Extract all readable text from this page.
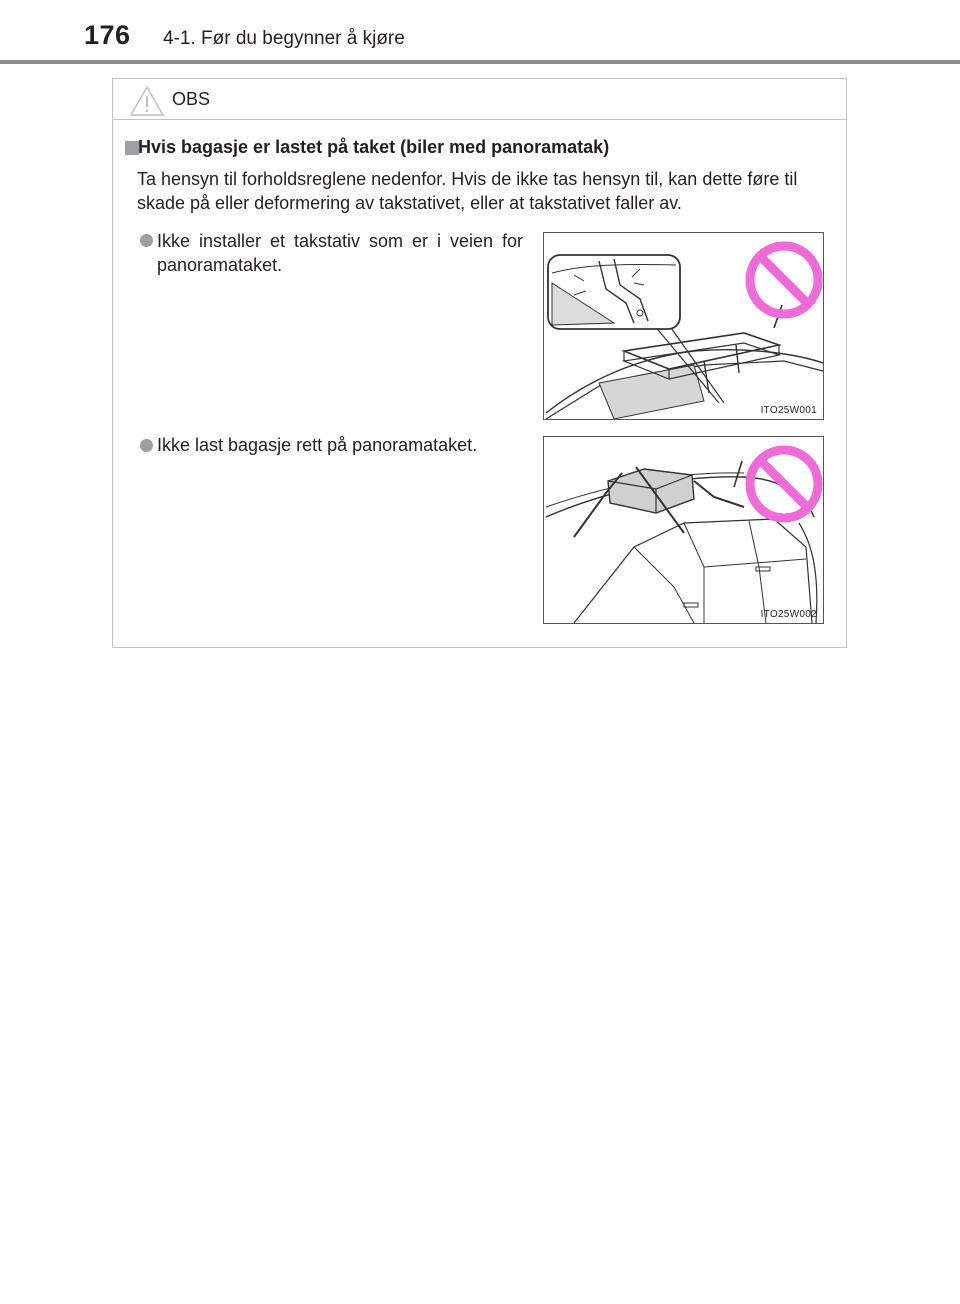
176 4-1. Før du begynner å kjøre
OBS
Hvis bagasje er lastet på taket (biler med panoramatak)
Ta hensyn til forholdsreglene nedenfor. Hvis de ikke tas hensyn til, kan dette føre til skade på eller deformering av takstativet, eller at takstativet faller av.
Ikke installer et takstativ som er i veien for panoramataket.
ITO25W001
Ikke last bagasje rett på panoramataket.
ITO25W002
